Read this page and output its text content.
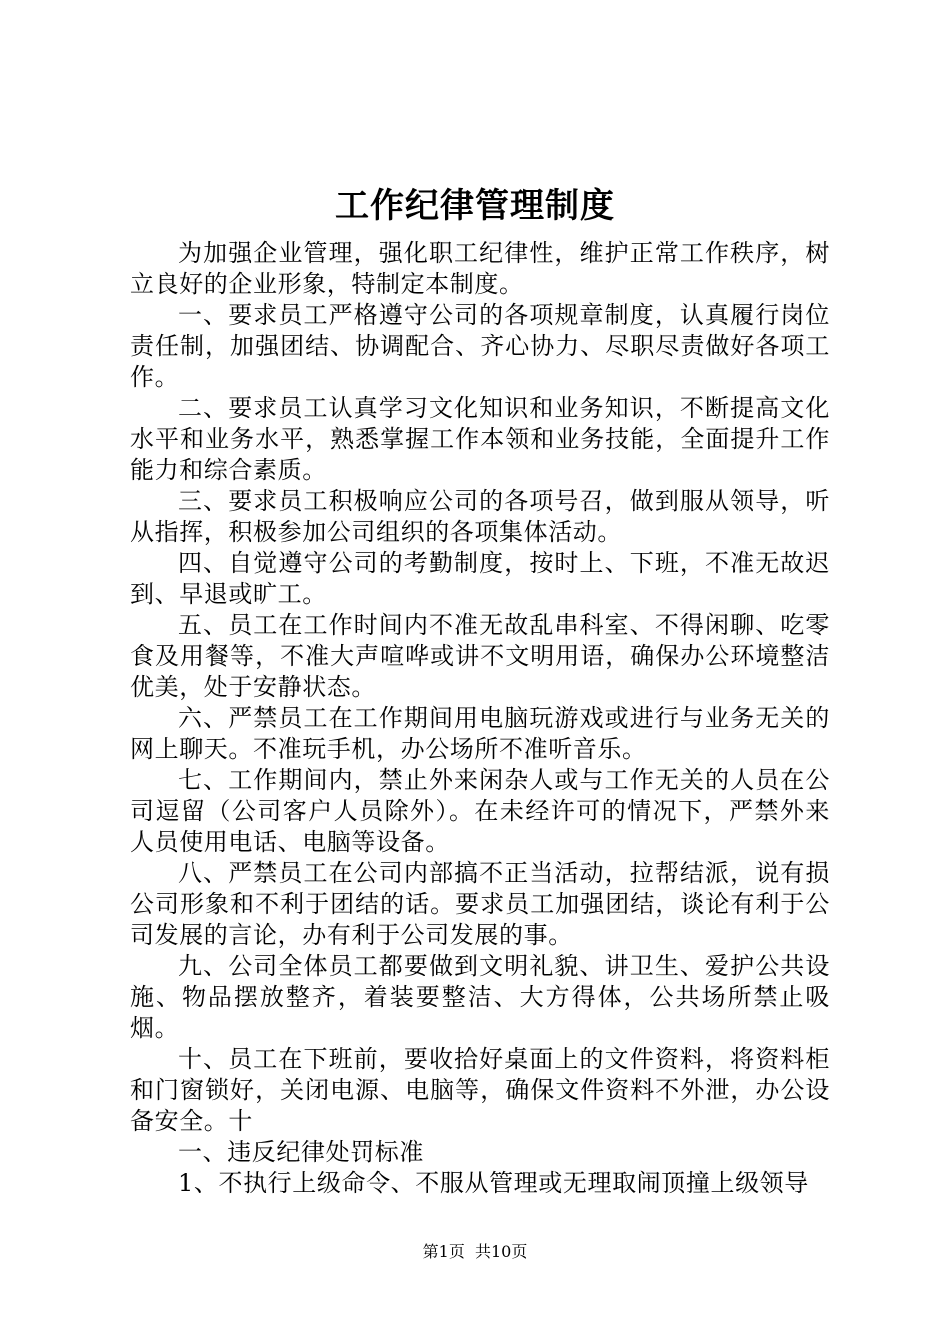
工作纪律管理制度

为加强企业管理，强化职工纪律性，维护正常工作秩序，树立良好的企业形象，特制定本制度。

一、要求员工严格遵守公司的各项规章制度，认真履行岗位责任制，加强团结、协调配合、齐心协力、尽职尽责做好各项工作。

二、要求员工认真学习文化知识和业务知识，不断提高文化水平和业务水平，熟悉掌握工作本领和业务技能，全面提升工作能力和综合素质。

三、要求员工积极响应公司的各项号召，做到服从领导，听从指挥，积极参加公司组织的各项集体活动。

四、自觉遵守公司的考勤制度，按时上、下班，不准无故迟到、早退或旷工。

五、员工在工作时间内不准无故乱串科室、不得闲聊、吃零食及用餐等，不准大声喧哗或讲不文明用语，确保办公环境整洁优美，处于安静状态。

六、严禁员工在工作期间用电脑玩游戏或进行与业务无关的网上聊天。不准玩手机，办公场所不准听音乐。

七、工作期间内，禁止外来闲杂人或与工作无关的人员在公司逗留（公司客户人员除外）。在未经许可的情况下，严禁外来人员使用电话、电脑等设备。

八、严禁员工在公司内部搞不正当活动，拉帮结派，说有损公司形象和不利于团结的话。要求员工加强团结，谈论有利于公司发展的言论，办有利于公司发展的事。

九、公司全体员工都要做到文明礼貌、讲卫生、爱护公共设施、物品摆放整齐，着装要整洁、大方得体，公共场所禁止吸烟。

十、员工在下班前，要收拾好桌面上的文件资料，将资料柜和门窗锁好，关闭电源、电脑等，确保文件资料不外泄，办公设备安全。十

一、违反纪律处罚标准

1、不执行上级命令、不服从管理或无理取闹顶撞上级领导

第1页  共10页
